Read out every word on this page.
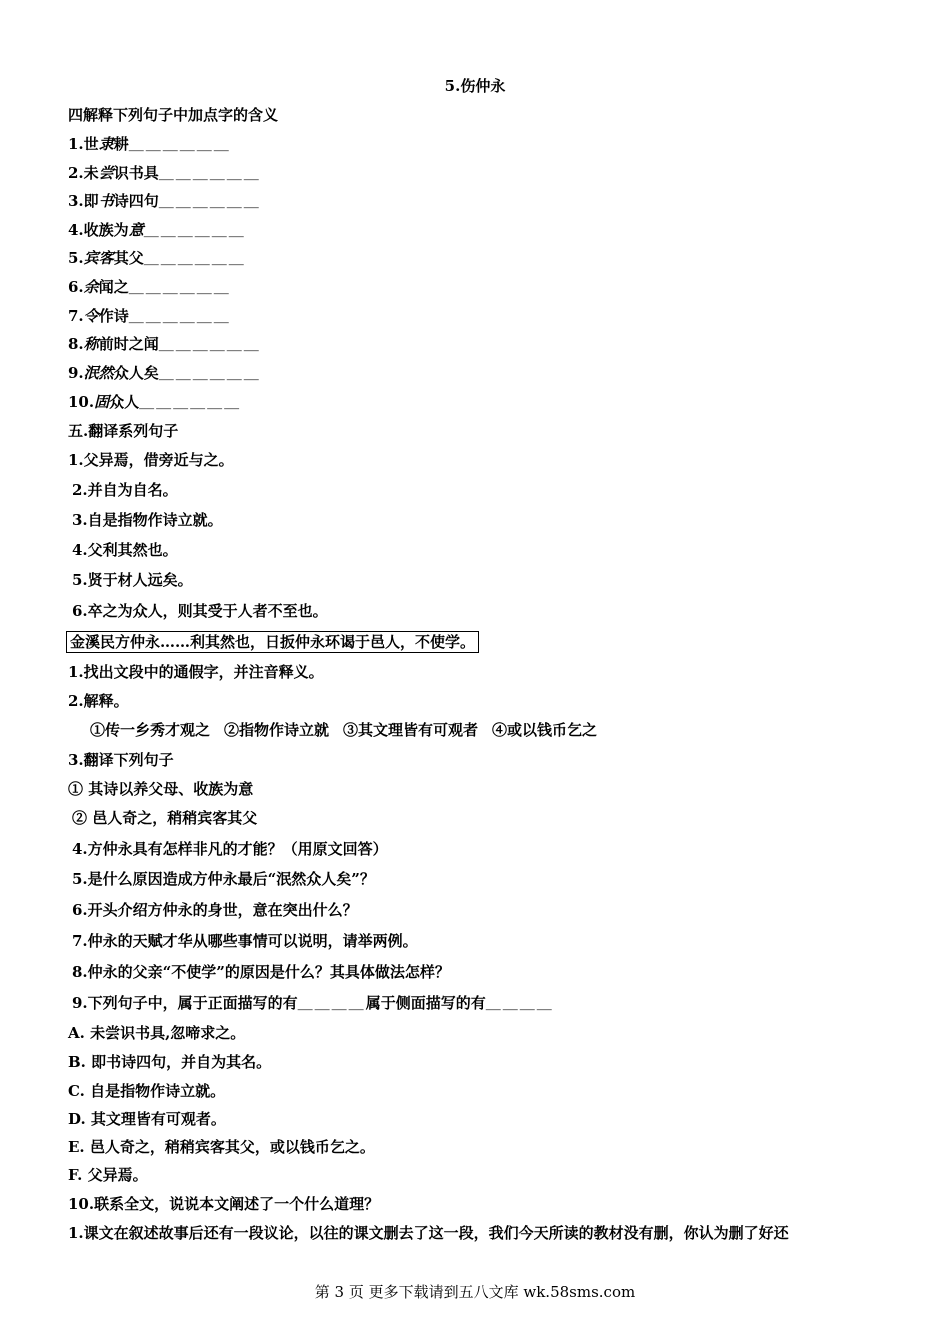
5.伤仲永
四解释下列句子中加点字的含义
1.世隶耕＿＿＿＿＿＿
2.未尝识书具＿＿＿＿＿＿
3.即书诗四句＿＿＿＿＿＿
4.收族为意＿＿＿＿＿＿
5.宾客其父＿＿＿＿＿＿
6.余闻之＿＿＿＿＿＿
7.令作诗＿＿＿＿＿＿
8.称前时之闻＿＿＿＿＿＿
9.泯然众人矣＿＿＿＿＿＿
10.固众人＿＿＿＿＿＿
五.翻译系列句子
1.父异焉，借旁近与之。
2.并自为自名。
3.自是指物作诗立就。
4.父利其然也。
5.贤于材人远矣。
6.卒之为众人，则其受于人者不至也。
金溪民方仲永……利其然也，日扳仲永环谒于邑人，不使学。
1.找出文段中的通假字，并注音释义。
2.解释。
①传一乡秀才观之 ②指物作诗立就 ③其文理皆有可观者 ④或以钱币乞之
3.翻译下列句子
① 其诗以养父母、收族为意
② 邑人奇之，稍稍宾客其父
4.方仲永具有怎样非凡的才能？（用原文回答）
5.是什么原因造成方仲永最后“泯然众人矣”？
6.开头介绍方仲永的身世，意在突出什么？
7.仲永的天赋才华从哪些事情可以说明，请举两例。
8.仲永的父亲“不使学”的原因是什么？其具体做法怎样？
9.下列句子中，属于正面描写的有＿＿＿＿属于侧面描写的有＿＿＿＿
A. 未尝识书具,忽啼求之。
B. 即书诗四句，并自为其名。
C. 自是指物作诗立就。
D. 其文理皆有可观者。
E. 邑人奇之，稍稍宾客其父，或以钱币乞之。
F. 父异焉。
10.联系全文，说说本文阐述了一个什么道理？
1.课文在叙述故事后还有一段议论，以往的课文删去了这一段，我们今天所读的教材没有删，你认为删了好还
第 3 页 更多下载请到五八文库 wk.58sms.com
